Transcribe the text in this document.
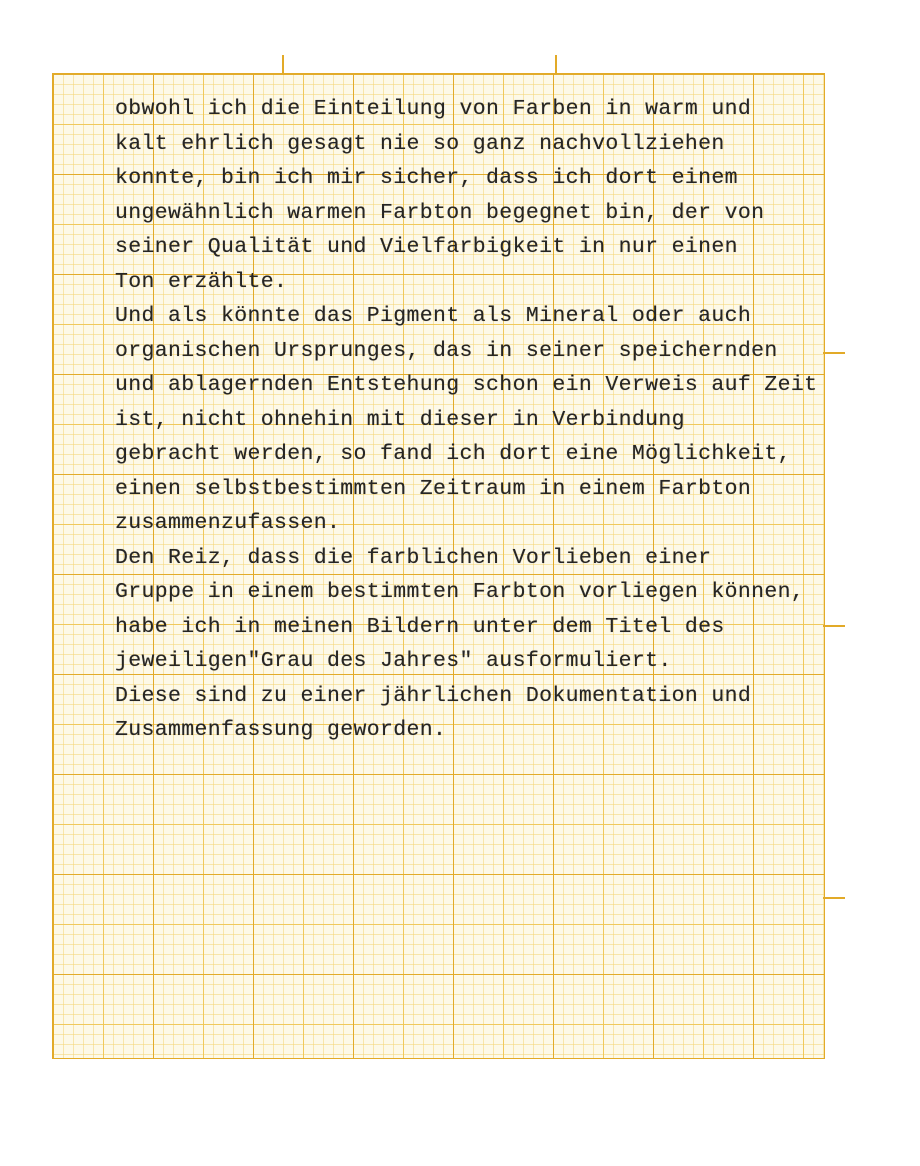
obwohl ich die Einteilung von Farben in warm und
kalt ehrlich gesagt nie so ganz nachvollziehen
konnte, bin ich mir sicher, dass ich dort einem
ungewähnlich warmen Farbton begegnet bin, der von
seiner Qualität und Vielfarbigkeit in nur einen
Ton erzählte.
Und als könnte das Pigment als Mineral oder auch
organischen Ursprunges, das in seiner speichernden
und ablagernden Entstehung schon ein Verweis auf Zeit
ist, nicht ohnehin mit dieser in Verbindung
gebracht werden, so fand ich dort eine Möglichkeit,
einen selbstbestimmten Zeitraum in einem Farbton
zusammenzufassen.
Den Reiz, dass die farblichen Vorlieben einer
Gruppe in einem bestimmten Farbton vorliegen können,
habe ich in meinen Bildern unter dem Titel des
jeweiligen"Grau des Jahres" ausformuliert.
Diese sind zu einer jährlichen Dokumentation und
Zusammenfassung geworden.
